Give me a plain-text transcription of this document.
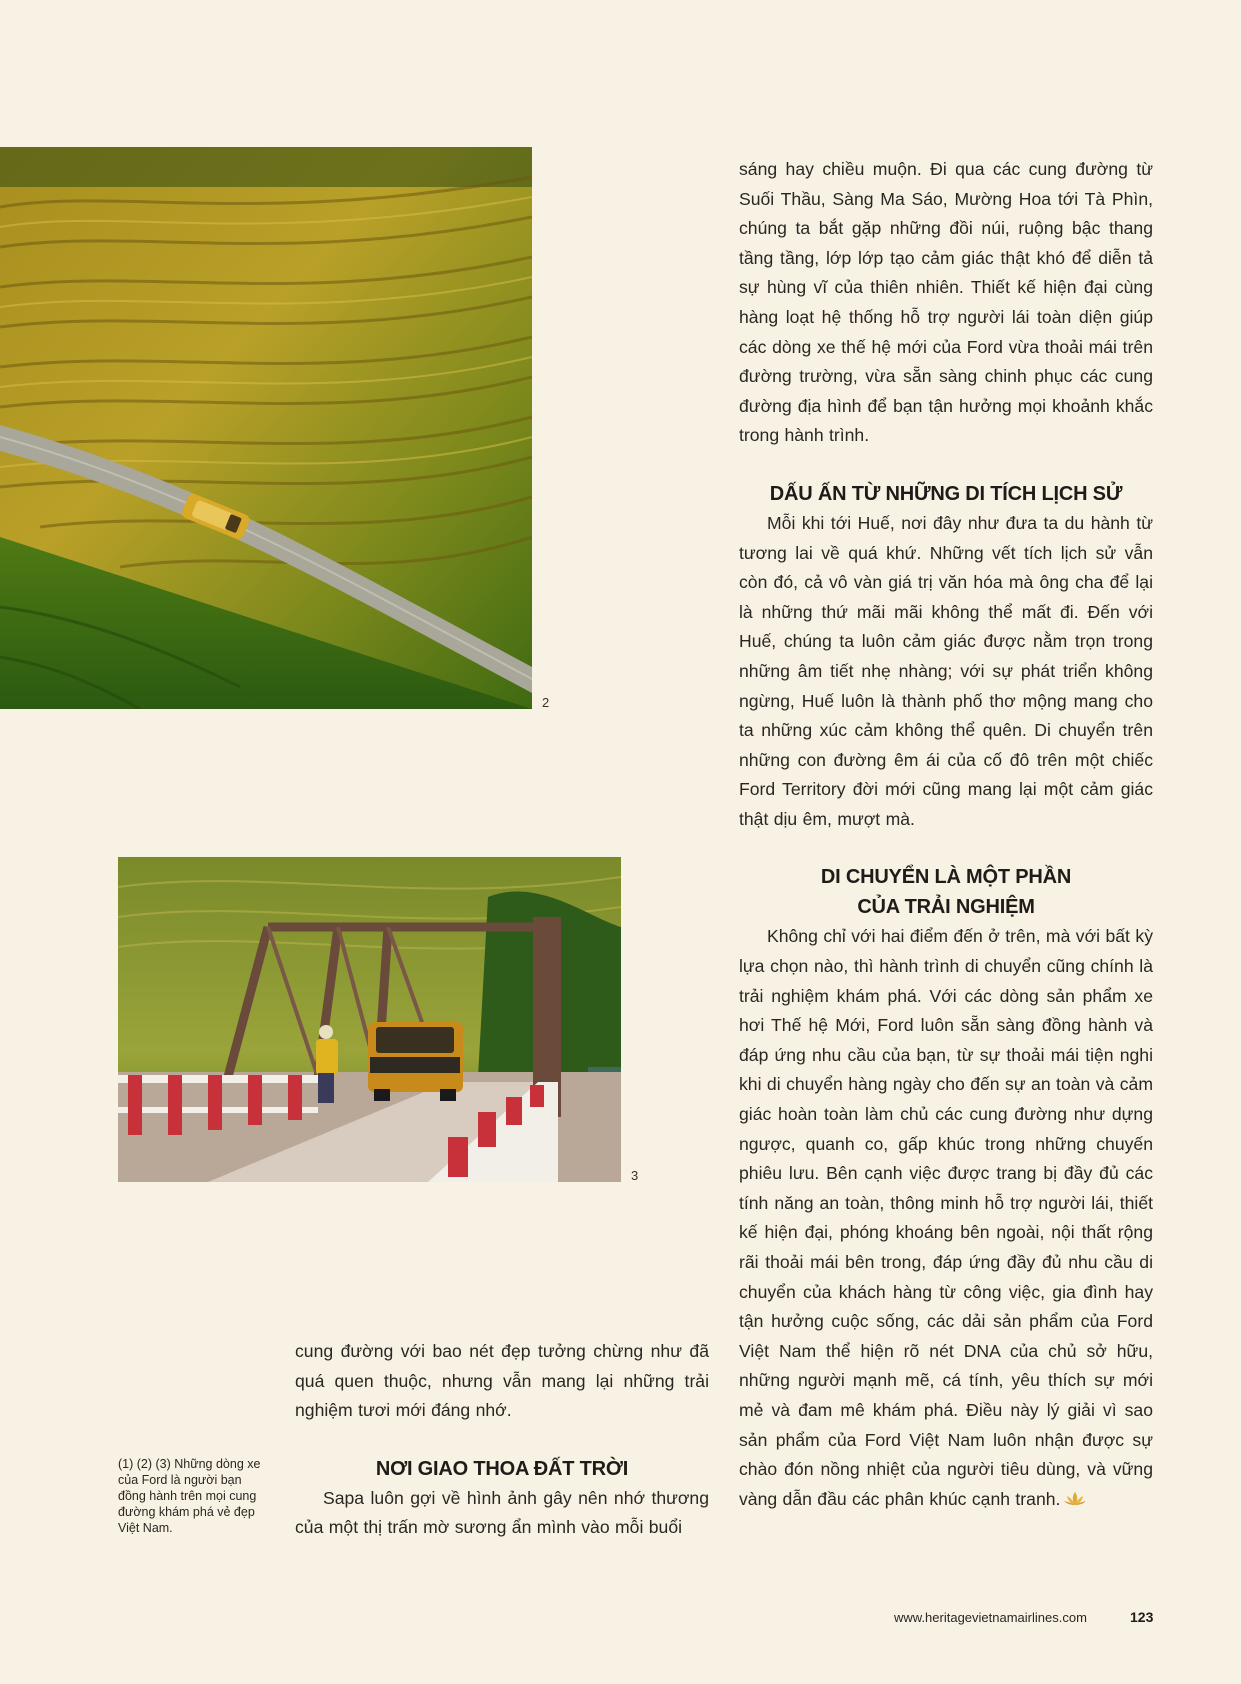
2
3

sáng hay chiều muộn. Đi qua các cung đường từ Suối Thầu, Sàng Ma Sáo, Mường Hoa tới Tà Phìn, chúng ta bắt gặp những đồi núi, ruộng bậc thang tầng tầng, lớp lớp tạo cảm giác thật khó để diễn tả sự hùng vĩ của thiên nhiên. Thiết kế hiện đại cùng hàng loạt hệ thống hỗ trợ người lái toàn diện giúp các dòng xe thế hệ mới của Ford vừa thoải mái trên đường trường, vừa sẵn sàng chinh phục các cung đường địa hình để bạn tận hưởng mọi khoảnh khắc trong hành trình.

DẤU ẤN TỪ NHỮNG DI TÍCH LỊCH SỬ

Mỗi khi tới Huế, nơi đây như đưa ta du hành từ tương lai về quá khứ. Những vết tích lịch sử vẫn còn đó, cả vô vàn giá trị văn hóa mà ông cha để lại là những thứ mãi mãi không thể mất đi. Đến với Huế, chúng ta luôn cảm giác được nằm trọn trong những âm tiết nhẹ nhàng; với sự phát triển không ngừng, Huế luôn là thành phố thơ mộng mang cho ta những xúc cảm không thể quên. Di chuyển trên những con đường êm ái của cố đô trên một chiếc Ford Territory đời mới cũng mang lại một cảm giác thật dịu êm, mượt mà.

DI CHUYỂN LÀ MỘT PHẦN

CỦA TRẢI NGHIỆM

Không chỉ với hai điểm đến ở trên, mà với bất kỳ lựa chọn nào, thì hành trình di chuyển cũng chính là trải nghiệm khám phá. Với các dòng sản phẩm xe hơi Thế hệ Mới, Ford luôn sẵn sàng đồng hành và đáp ứng nhu cầu của bạn, từ sự thoải mái tiện nghi khi di chuyển hàng ngày cho đến sự an toàn và cảm giác hoàn toàn làm chủ các cung đường như dựng ngược, quanh co, gấp khúc trong những chuyến phiêu lưu. Bên cạnh việc được trang bị đầy đủ các tính năng an toàn, thông minh hỗ trợ người lái, thiết kế hiện đại, phóng khoáng bên ngoài, nội thất rộng rãi thoải mái bên trong, đáp ứng đầy đủ nhu cầu di chuyển của khách hàng từ công việc, gia đình hay tận hưởng cuộc sống, các dải sản phẩm của Ford Việt Nam thể hiện rõ nét DNA của chủ sở hữu, những người mạnh mẽ, cá tính, yêu thích sự mới mẻ và đam mê khám phá. Điều này lý giải vì sao sản phẩm của Ford Việt Nam luôn nhận được sự chào đón nồng nhiệt của người tiêu dùng, và vững vàng dẫn đầu các phân khúc cạnh tranh.

cung đường với bao nét đẹp tưởng chừng như đã quá quen thuộc, nhưng vẫn mang lại những trải nghiệm tươi mới đáng nhớ.

NƠI GIAO THOA ĐẤT TRỜI

Sapa luôn gợi về hình ảnh gây nên nhớ thương của một thị trấn mờ sương ẩn mình vào mỗi buổi

(1) (2) (3) Những dòng xe của Ford là người bạn đồng hành trên mọi cung đường khám phá vẻ đẹp Việt Nam.
www.heritagevietnamairlines.com	123
